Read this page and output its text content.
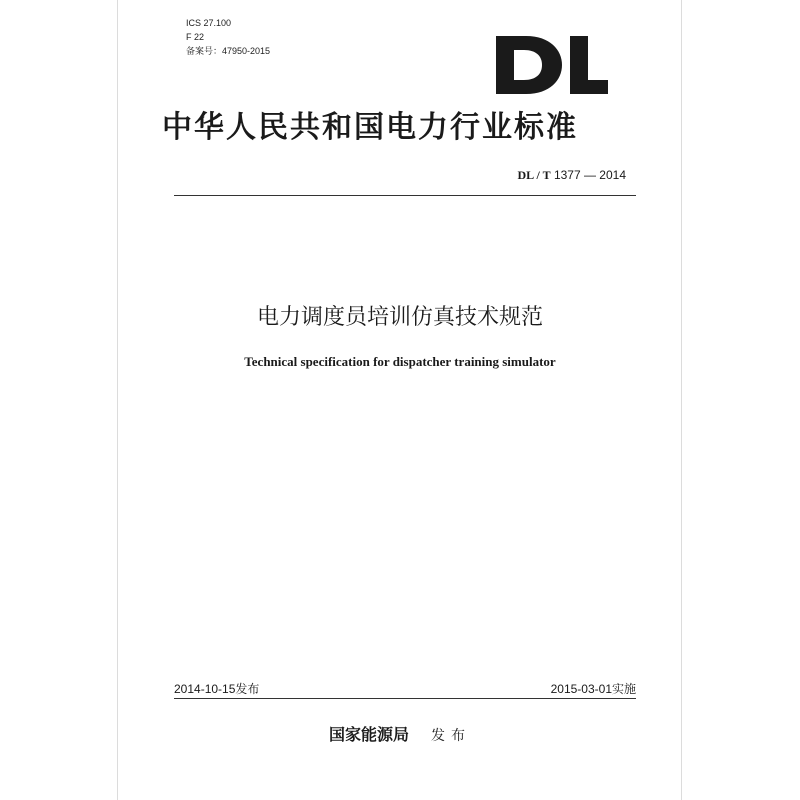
ICS 27.100
F 22
备案号：47950-2015
中华人民共和国电力行业标准
DL / T 1377 — 2014
电力调度员培训仿真技术规范
Technical specification for dispatcher training simulator
2014-10-15发布	2015-03-01实施
国家能源局 发布
